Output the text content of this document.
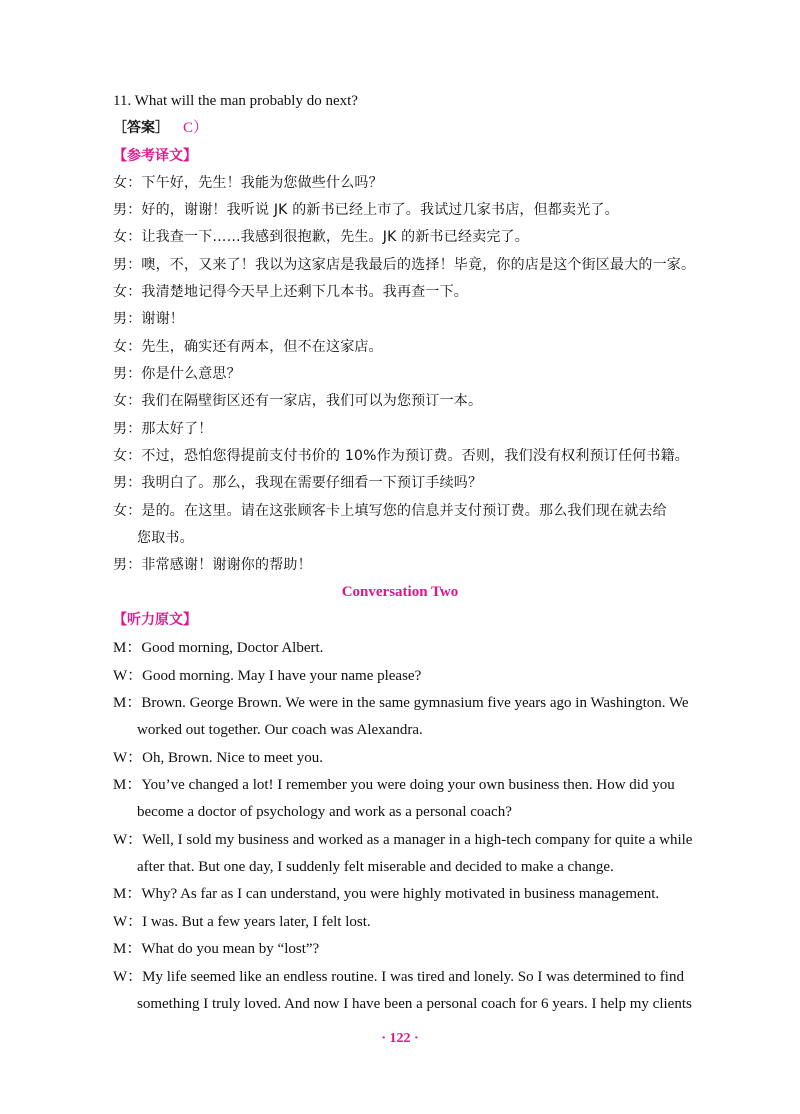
11. What will the man probably do next?
［答案］ C）
【参考译文】
女：下午好，先生！我能为您做些什么吗？
男：好的，谢谢！我听说 JK 的新书已经上市了。我试过几家书店，但都卖光了。
女：让我查一下……我感到很抱歉，先生。JK 的新书已经卖完了。
男：噢，不，又来了！我以为这家店是我最后的选择！毕竟，你的店是这个街区最大的一家。
女：我清楚地记得今天早上还剩下几本书。我再查一下。
男：谢谢！
女：先生，确实还有两本，但不在这家店。
男：你是什么意思？
女：我们在隔壁街区还有一家店，我们可以为您预订一本。
男：那太好了！
女：不过，恐怕您得提前支付书价的 10%作为预订费。否则，我们没有权利预订任何书籍。
男：我明白了。那么，我现在需要仔细看一下预订手续吗？
女：是的。在这里。请在这张顾客卡上填写您的信息并支付预订费。那么我们现在就去给
您取书。
男：非常感谢！谢谢你的帮助！
Conversation Two
【听力原文】
M：Good morning, Doctor Albert.
W：Good morning. May I have your name please?
M：Brown. George Brown. We were in the same gymnasium five years ago in Washington. We
worked out together. Our coach was Alexandra.
W：Oh, Brown. Nice to meet you.
M：You’ve changed a lot! I remember you were doing your own business then. How did you
become a doctor of psychology and work as a personal coach?
W：Well, I sold my business and worked as a manager in a high-tech company for quite a while
after that. But one day, I suddenly felt miserable and decided to make a change.
M：Why? As far as I can understand, you were highly motivated in business management.
W：I was. But a few years later, I felt lost.
M：What do you mean by “lost”?
W：My life seemed like an endless routine. I was tired and lonely. So I was determined to find
something I truly loved. And now I have been a personal coach for 6 years. I help my clients
· 122 ·
